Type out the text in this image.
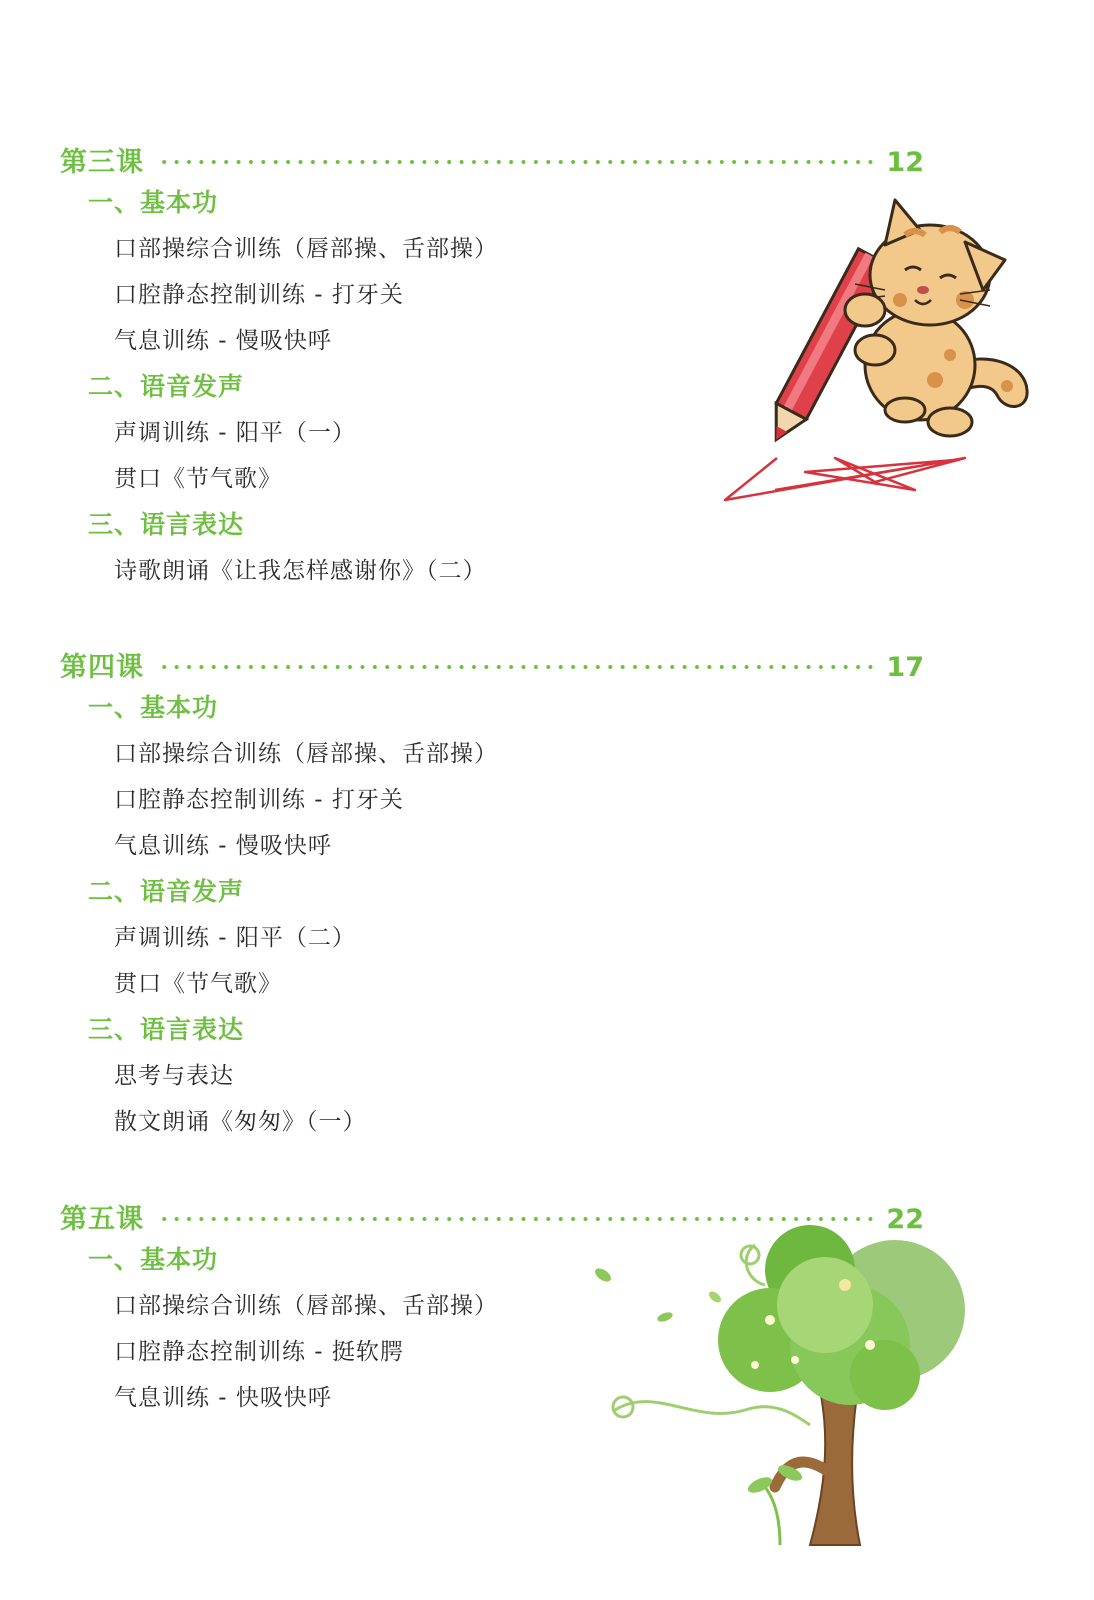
第三课	12
一、基本功
口部操综合训练（唇部操、舌部操）
口腔静态控制训练 - 打牙关
气息训练 - 慢吸快呼
二、语音发声
声调训练 - 阳平（一）
贯口《节气歌》
三、语言表达
诗歌朗诵《让我怎样感谢你》（二）
第四课	17
一、基本功
口部操综合训练（唇部操、舌部操）
口腔静态控制训练 - 打牙关
气息训练 - 慢吸快呼
二、语音发声
声调训练 - 阳平（二）
贯口《节气歌》
三、语言表达
思考与表达
散文朗诵《匆匆》（一）
第五课	22
一、基本功
口部操综合训练（唇部操、舌部操）
口腔静态控制训练 - 挺软腭
气息训练 - 快吸快呼
